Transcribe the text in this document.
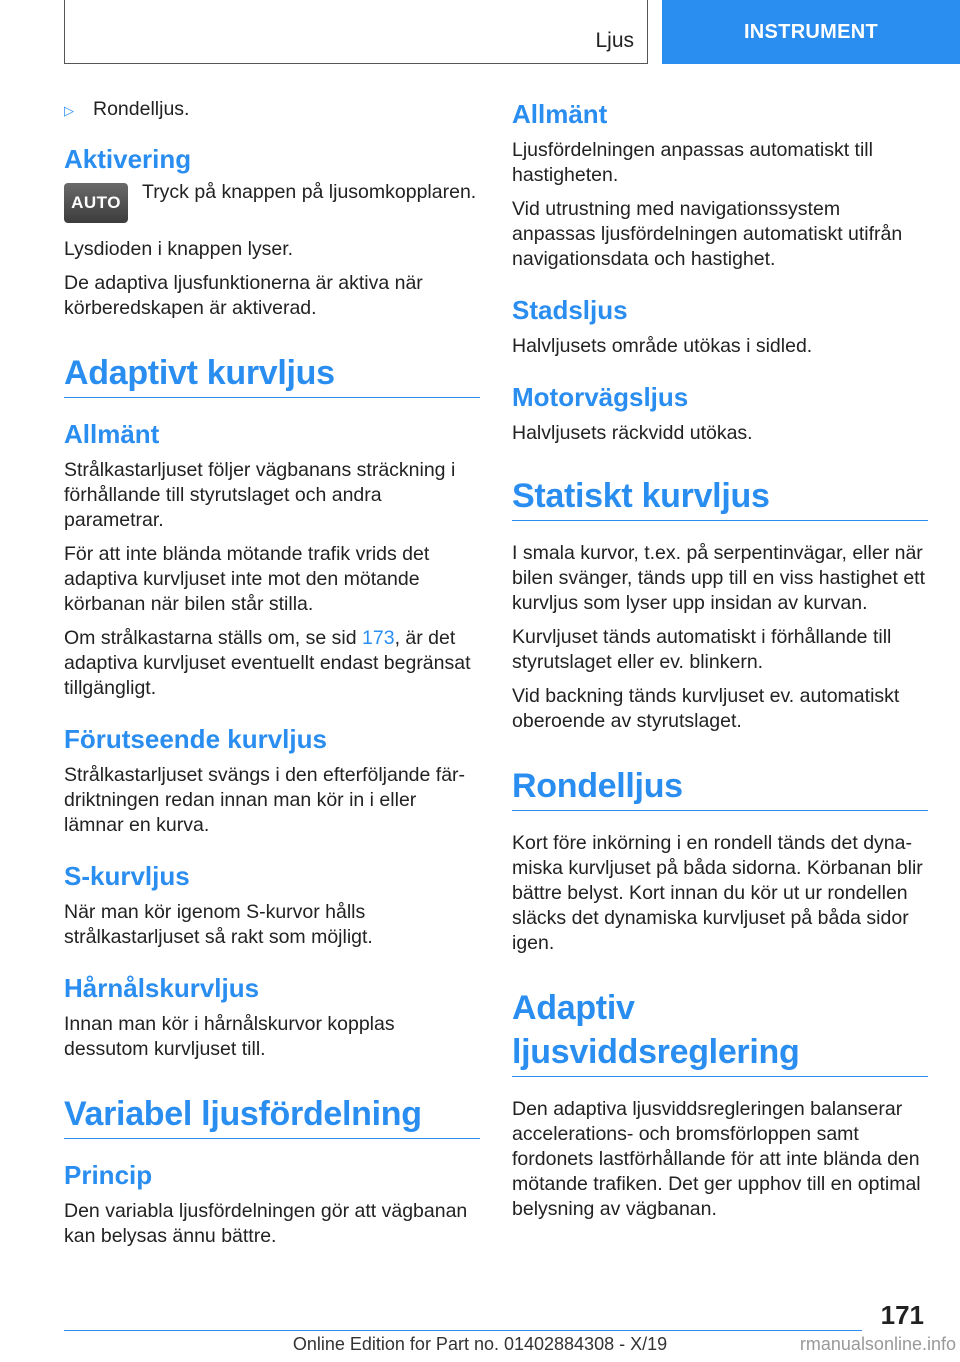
Ljus	INSTRUMENT
▷ Rondelljus.
Aktivering
AUTO Tryck på knappen på ljusomkopplaren.

Lysdioden i knappen lyser.

De adaptiva ljusfunktionerna är aktiva när körberedskapen är aktiverad.

Adaptivt kurvljus
Allmänt

Strålkastarljuset följer vägbanans sträckning i förhållande till styrutslaget och andra parametrar.

För att inte blända mötande trafik vrids det adaptiva kurvljuset inte mot den mötande körbanan när bilen står stilla.

Om strålkastarna ställs om, se sid 173, är det adaptiva kurvljuset eventuellt endast begränsat tillgängligt.

Förutseende kurvljus

Strålkastarljuset svängs i den efterföljande färdriktningen redan innan man kör in i eller lämnar en kurva.

S-kurvljus

När man kör igenom S-kurvor hålls strålkastarljuset så rakt som möjligt.

Hårnålskurvljus

Innan man kör i hårnålskurvor kopplas dessutom kurvljuset till.

Variabel ljusfördelning
Princip

Den variabla ljusfördelningen gör att vägbanan kan belysas ännu bättre.

Allmänt

Ljusfördelningen anpassas automatiskt till hastigheten.

Vid utrustning med navigationssystem anpassas ljusfördelningen automatiskt utifrån navigationsdata och hastighet.

Stadsljus

Halvljusets område utökas i sidled.

Motorvägsljus

Halvljusets räckvidd utökas.

Statiskt kurvljus

I smala kurvor, t.ex. på serpentinvägar, eller när bilen svänger, tänds upp till en viss hastighet ett kurvljus som lyser upp insidan av kurvan.

Kurvljuset tänds automatiskt i förhållande till styrutslaget eller ev. blinkern.

Vid backning tänds kurvljuset ev. automatiskt oberoende av styrutslaget.

Rondelljus

Kort före inkörning i en rondell tänds det dynamiska kurvljuset på båda sidorna. Körbanan blir bättre belyst. Kort innan du kör ut ur rondellen släcks det dynamiska kurvljuset på båda sidor igen.

Adaptiv ljusviddsreglering

Den adaptiva ljusviddsregleringen balanserar accelerations- och bromsförloppen samt fordonets lastförhållande för att inte blända den mötande trafiken. Det ger upphov till en optimal belysning av vägbanan.

171
Online Edition for Part no. 01402884308 - X/19	rmanualsonline.info
